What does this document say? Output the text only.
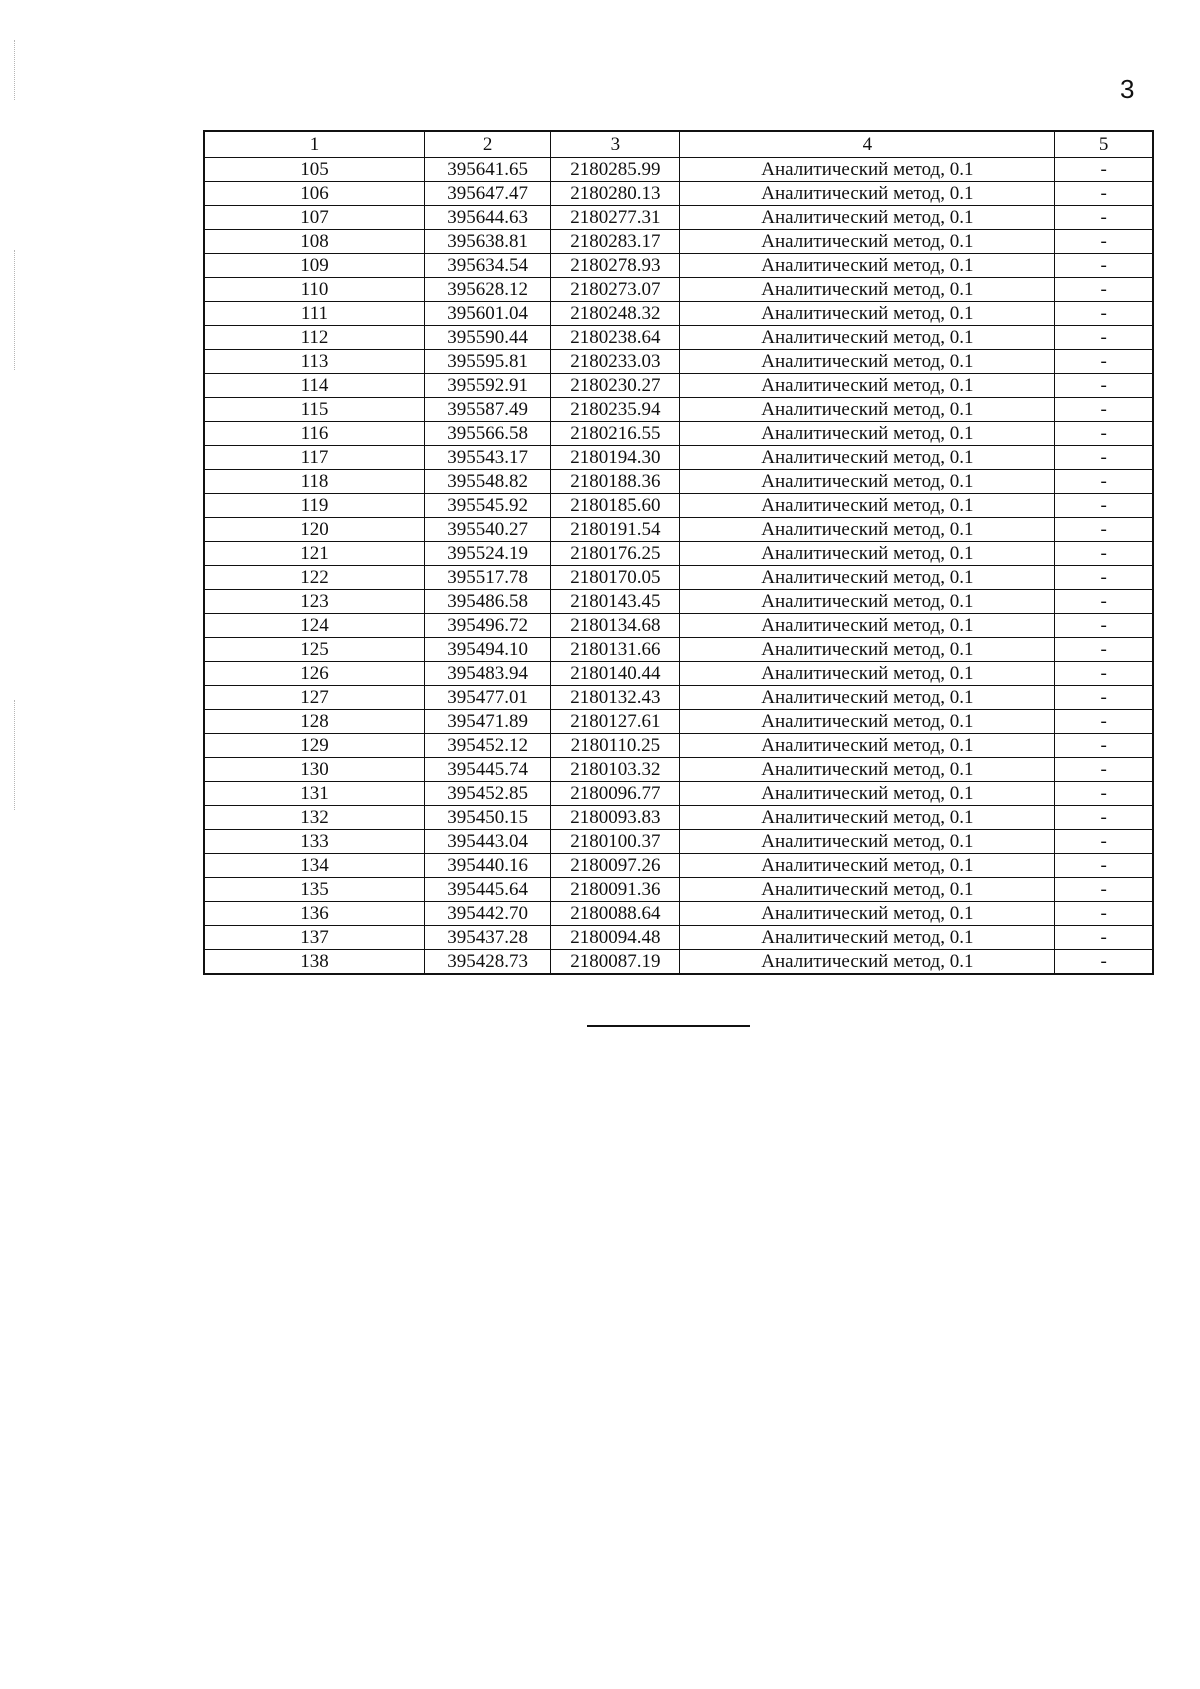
3
1	2	3	4	5
105	395641.65	2180285.99	Аналитический метод, 0.1	-
106	395647.47	2180280.13	Аналитический метод, 0.1	-
107	395644.63	2180277.31	Аналитический метод, 0.1	-
108	395638.81	2180283.17	Аналитический метод, 0.1	-
109	395634.54	2180278.93	Аналитический метод, 0.1	-
110	395628.12	2180273.07	Аналитический метод, 0.1	-
111	395601.04	2180248.32	Аналитический метод, 0.1	-
112	395590.44	2180238.64	Аналитический метод, 0.1	-
113	395595.81	2180233.03	Аналитический метод, 0.1	-
114	395592.91	2180230.27	Аналитический метод, 0.1	-
115	395587.49	2180235.94	Аналитический метод, 0.1	-
116	395566.58	2180216.55	Аналитический метод, 0.1	-
117	395543.17	2180194.30	Аналитический метод, 0.1	-
118	395548.82	2180188.36	Аналитический метод, 0.1	-
119	395545.92	2180185.60	Аналитический метод, 0.1	-
120	395540.27	2180191.54	Аналитический метод, 0.1	-
121	395524.19	2180176.25	Аналитический метод, 0.1	-
122	395517.78	2180170.05	Аналитический метод, 0.1	-
123	395486.58	2180143.45	Аналитический метод, 0.1	-
124	395496.72	2180134.68	Аналитический метод, 0.1	-
125	395494.10	2180131.66	Аналитический метод, 0.1	-
126	395483.94	2180140.44	Аналитический метод, 0.1	-
127	395477.01	2180132.43	Аналитический метод, 0.1	-
128	395471.89	2180127.61	Аналитический метод, 0.1	-
129	395452.12	2180110.25	Аналитический метод, 0.1	-
130	395445.74	2180103.32	Аналитический метод, 0.1	-
131	395452.85	2180096.77	Аналитический метод, 0.1	-
132	395450.15	2180093.83	Аналитический метод, 0.1	-
133	395443.04	2180100.37	Аналитический метод, 0.1	-
134	395440.16	2180097.26	Аналитический метод, 0.1	-
135	395445.64	2180091.36	Аналитический метод, 0.1	-
136	395442.70	2180088.64	Аналитический метод, 0.1	-
137	395437.28	2180094.48	Аналитический метод, 0.1	-
138	395428.73	2180087.19	Аналитический метод, 0.1	-
